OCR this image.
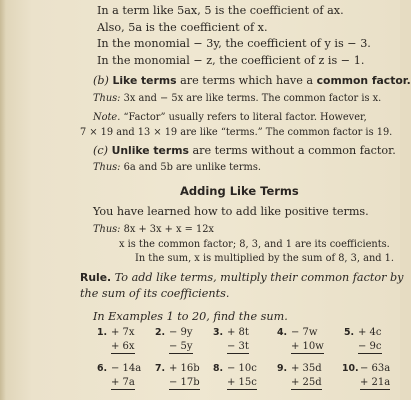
In a term like 5ax, 5 is the coefficient of ax.
Also, 5a is the coefficient of x.
In the monomial − 3y, the coefficient of y is − 3.
In the monomial − z, the coefficient of z is − 1.
(b) Like terms are terms which have a common factor.
Thus: 3x and − 5x are like terms. The common factor is x.
Note. “Factor” usually refers to literal factor. However,
7 × 19 and 13 × 19 are like “terms.” The common factor is 19.
(c) Unlike terms are terms without a common factor.
Thus: 6a and 5b are unlike terms.
Adding Like Terms
You have learned how to add like positive terms.
Thus: 8x + 3x + x = 12x
x is the common factor; 8, 3, and 1 are its coefficients.
In the sum, x is multiplied by the sum of 8, 3, and 1.
Rule. To add like terms, multiply their common factor by
the sum of its coefficients.
In Examples 1 to 20, find the sum.
1. + 7x
+ 6x
2. − 9y
− 5y
3. + 8t
− 3t
4. − 7w
+ 10w
5. + 4c
− 9c
6. − 14a
+ 7a
7. + 16b
− 17b
8. − 10c
+ 15c
9. + 35d
+ 25d
10. − 63a
+ 21a
